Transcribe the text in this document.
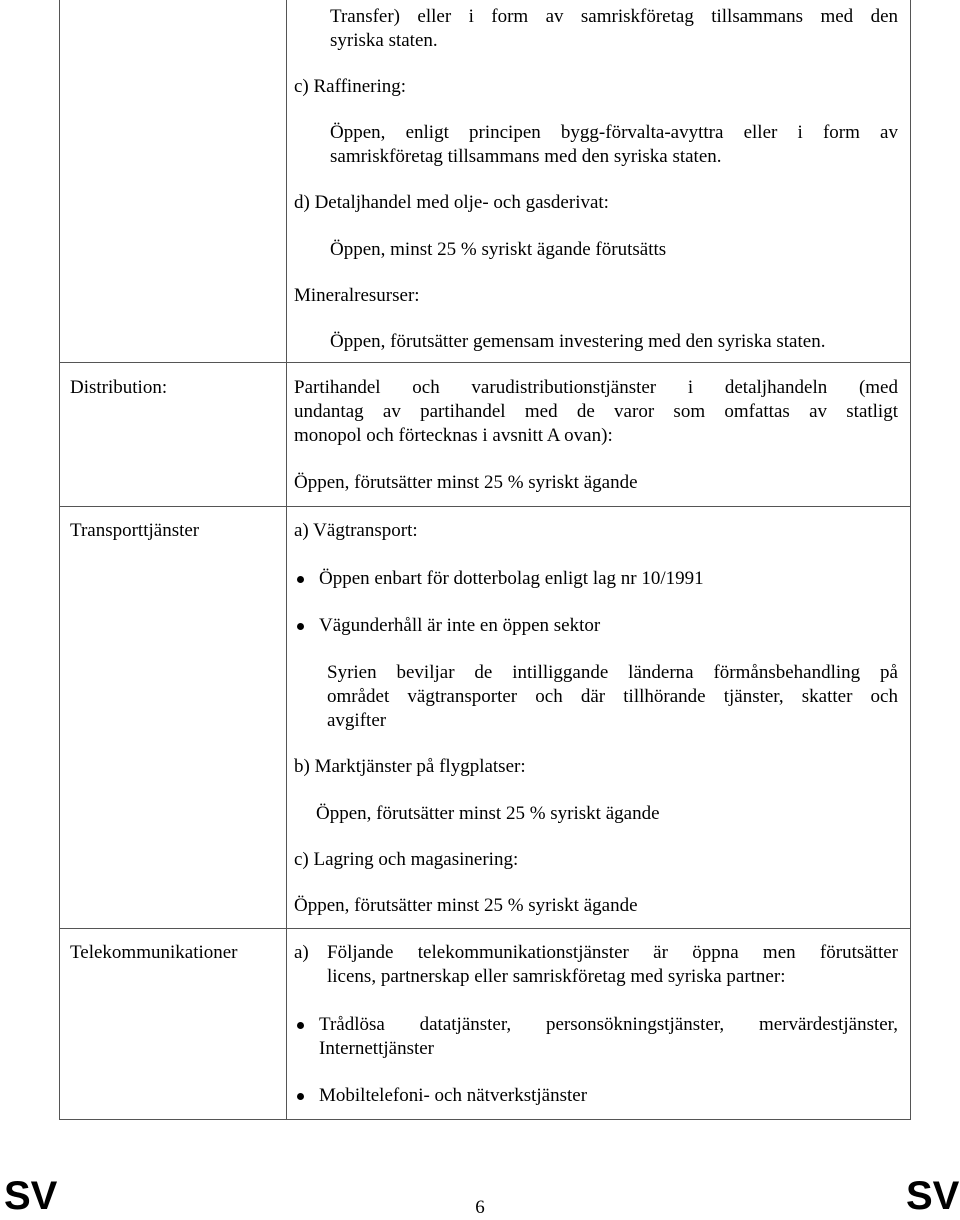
Transfer) eller i form av samriskföretag tillsammans med den
syriska staten.
c) Raffinering:
Öppen, enligt principen bygg-förvalta-avyttra eller i form av
samriskföretag tillsammans med den syriska staten.
d) Detaljhandel med olje- och gasderivat:
Öppen, minst 25 % syriskt ägande förutsätts
Mineralresurser:
Öppen, förutsätter gemensam investering med den syriska staten.
Distribution:	Partihandel och varudistributionstjänster i detaljhandeln (med
undantag av partihandel med de varor som omfattas av statligt
monopol och förtecknas i avsnitt A ovan):
Öppen, förutsätter minst 25 % syriskt ägande
Transporttjänster	a) Vägtransport:
Öppen enbart för dotterbolag enligt lag nr 10/1991
Vägunderhåll är inte en öppen sektor
Syrien beviljar de intilliggande länderna förmånsbehandling på
området vägtransporter och där tillhörande tjänster, skatter och
avgifter
b) Marktjänster på flygplatser:
Öppen, förutsätter minst 25 % syriskt ägande
c) Lagring och magasinering:
Öppen, förutsätter minst 25 % syriskt ägande
Telekommunikationer	a) Följande telekommunikationstjänster är öppna men förutsätter
licens, partnerskap eller samriskföretag med syriska partner:
Trådlösa datatjänster, personsökningstjänster, mervärdestjänster,
Internettjänster
Mobiltelefoni- och nätverkstjänster
SV	6	SV
